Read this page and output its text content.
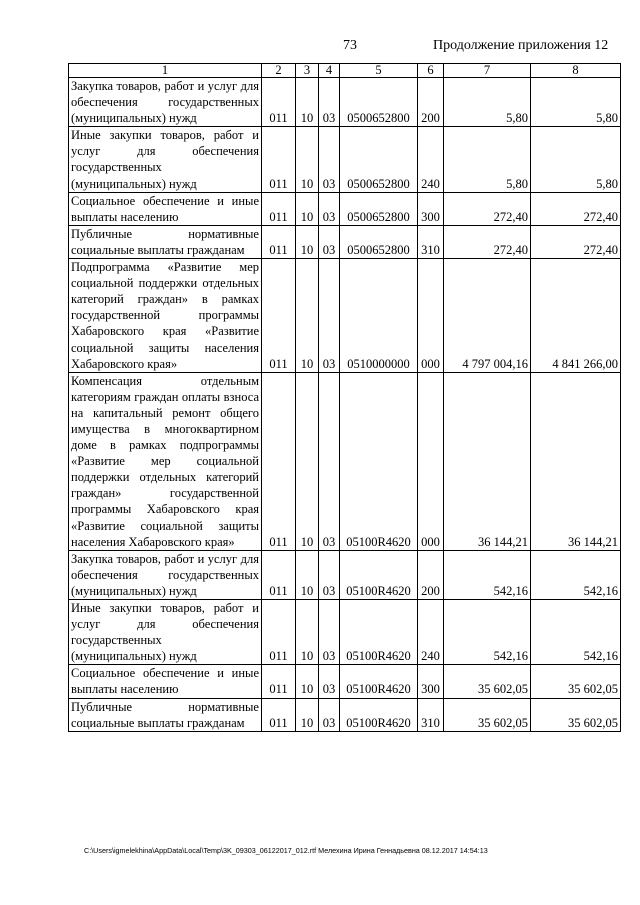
73	Продолжение приложения 12
1	2	3	4	5	6	7	8
Закупка товаров, работ и услуг для обеспечения государственных (муниципальных) нужд	011	10	03	0500652800	200	5,80	5,80
Иные закупки товаров, работ и услуг для обеспечения государственных (муниципальных) нужд	011	10	03	0500652800	240	5,80	5,80
Социальное обеспечение и иные выплаты населению	011	10	03	0500652800	300	272,40	272,40
Публичные нормативные социальные выплаты гражданам	011	10	03	0500652800	310	272,40	272,40
Подпрограмма «Развитие мер социальной поддержки отдельных категорий граждан» в рамках государственной программы Хабаровского края «Развитие социальной защиты населения Хабаровского края»	011	10	03	0510000000	000	4 797 004,16	4 841 266,00
Компенсация отдельным категориям граждан оплаты взноса на капитальный ремонт общего имущества в многоквартирном доме в рамках подпрограммы «Развитие мер социальной поддержки отдельных категорий граждан» государственной программы Хабаровского края «Развитие социальной защиты населения Хабаровского края»	011	10	03	05100R4620	000	36 144,21	36 144,21
Закупка товаров, работ и услуг для обеспечения государственных (муниципальных) нужд	011	10	03	05100R4620	200	542,16	542,16
Иные закупки товаров, работ и услуг для обеспечения государственных (муниципальных) нужд	011	10	03	05100R4620	240	542,16	542,16
Социальное обеспечение и иные выплаты населению	011	10	03	05100R4620	300	35 602,05	35 602,05
Публичные нормативные социальные выплаты гражданам	011	10	03	05100R4620	310	35 602,05	35 602,05
C:\Users\igmelekhina\AppData\Local\Temp\3K_09303_06122017_012.rtf Мелехина Ирина Геннадьевна 08.12.2017 14:54:13
